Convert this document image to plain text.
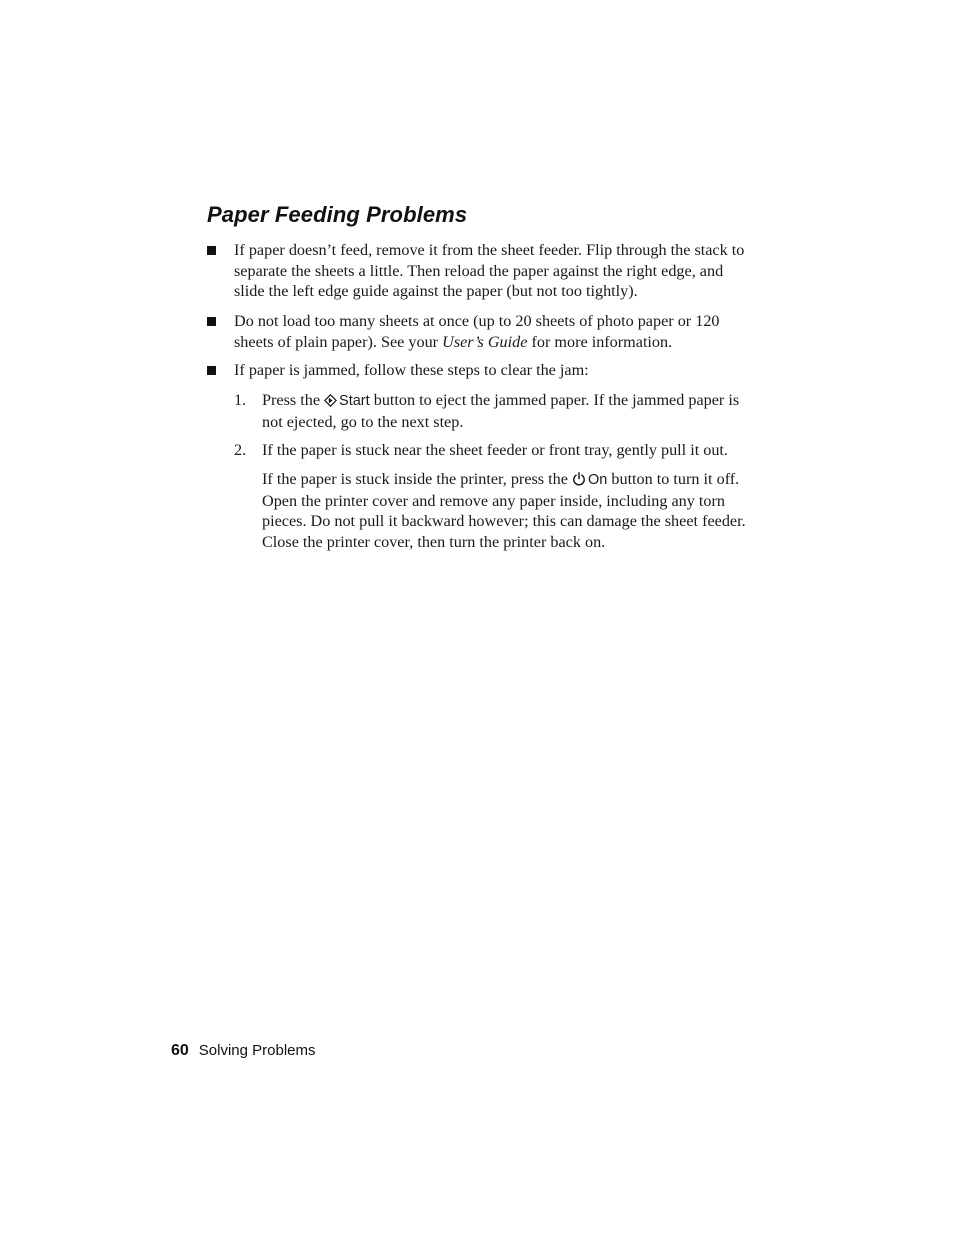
Paper Feeding Problems
If paper doesn’t feed, remove it from the sheet feeder. Flip through the stack to separate the sheets a little. Then reload the paper against the right edge, and slide the left edge guide against the paper (but not too tightly).
Do not load too many sheets at once (up to 20 sheets of photo paper or 120 sheets of plain paper). See your User’s Guide for more information.
If paper is jammed, follow these steps to clear the jam:
1. Press the Start button to eject the jammed paper. If the jammed paper is not ejected, go to the next step.
2. If the paper is stuck near the sheet feeder or front tray, gently pull it out.
If the paper is stuck inside the printer, press the On button to turn it off. Open the printer cover and remove any paper inside, including any torn pieces. Do not pull it backward however; this can damage the sheet feeder. Close the printer cover, then turn the printer back on.
60 Solving Problems
